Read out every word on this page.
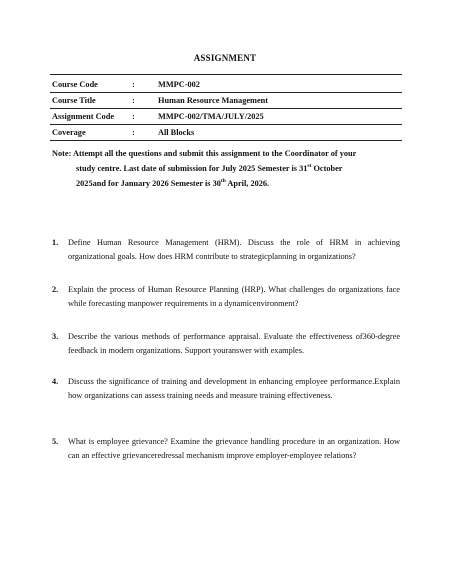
ASSIGNMENT
Course Code	:	MMPC-002
Course Title	:	Human Resource Management
Assignment Code :	MMPC-002/TMA/JULY/2025
Coverage	:	All Blocks
Note: Attempt all the questions and submit this assignment to the Coordinator of your
study centre. Last date of submission for July 2025 Semester is 31st October
2025and for January 2026 Semester is 30th April, 2026.
1. Define Human Resource Management (HRM). Discuss the role of HRM in achieving organizational goals. How does HRM contribute to strategicplanning in organizations?
2. Explain the process of Human Resource Planning (HRP). What challenges do organizations face while forecasting manpower requirements in a dynamicenvironment?
3. Describe the various methods of performance appraisal. Evaluate the effectiveness of360-degree feedback in modern organizations. Support youranswer with examples.
4. Discuss the significance of training and development in enhancing employee performance.Explain how organizations can assess training needs and measure training effectiveness.
5. What is employee grievance? Examine the grievance handling procedure in an organization. How can an effective grievanceredressal mechanism improve employer-employee relations?
